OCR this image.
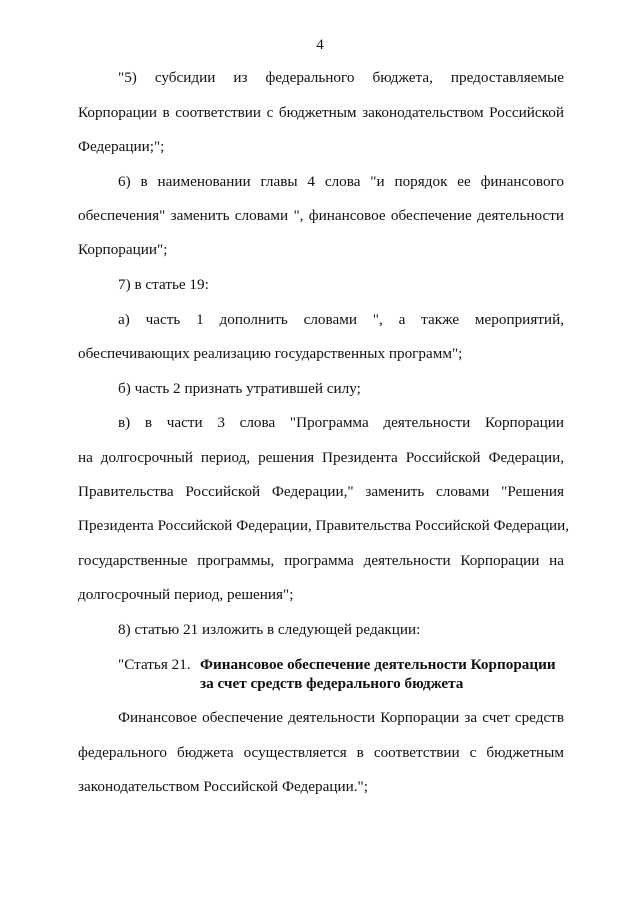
4
"5) субсидии из федерального бюджета, предоставляемые
Корпорации в соответствии с бюджетным законодательством Российской
Федерации;";
6) в наименовании главы 4 слова "и порядок ее финансового
обеспечения" заменить словами ", финансовое обеспечение деятельности
Корпорации";
7) в статье 19:
а) часть 1 дополнить словами ", а также мероприятий,
обеспечивающих реализацию государственных программ";
б) часть 2 признать утратившей силу;
в) в части 3 слова "Программа деятельности Корпорации
на долгосрочный период, решения Президента Российской Федерации,
Правительства Российской Федерации," заменить словами "Решения
Президента Российской Федерации, Правительства Российской Федерации,
государственные программы, программа деятельности Корпорации на
долгосрочный период, решения";
8) статью 21 изложить в следующей редакции:
"Статья 21. Финансовое обеспечение деятельности Корпорации
за счет средств федерального бюджета
Финансовое обеспечение деятельности Корпорации за счет средств
федерального бюджета осуществляется в соответствии с бюджетным
законодательством Российской Федерации.";
